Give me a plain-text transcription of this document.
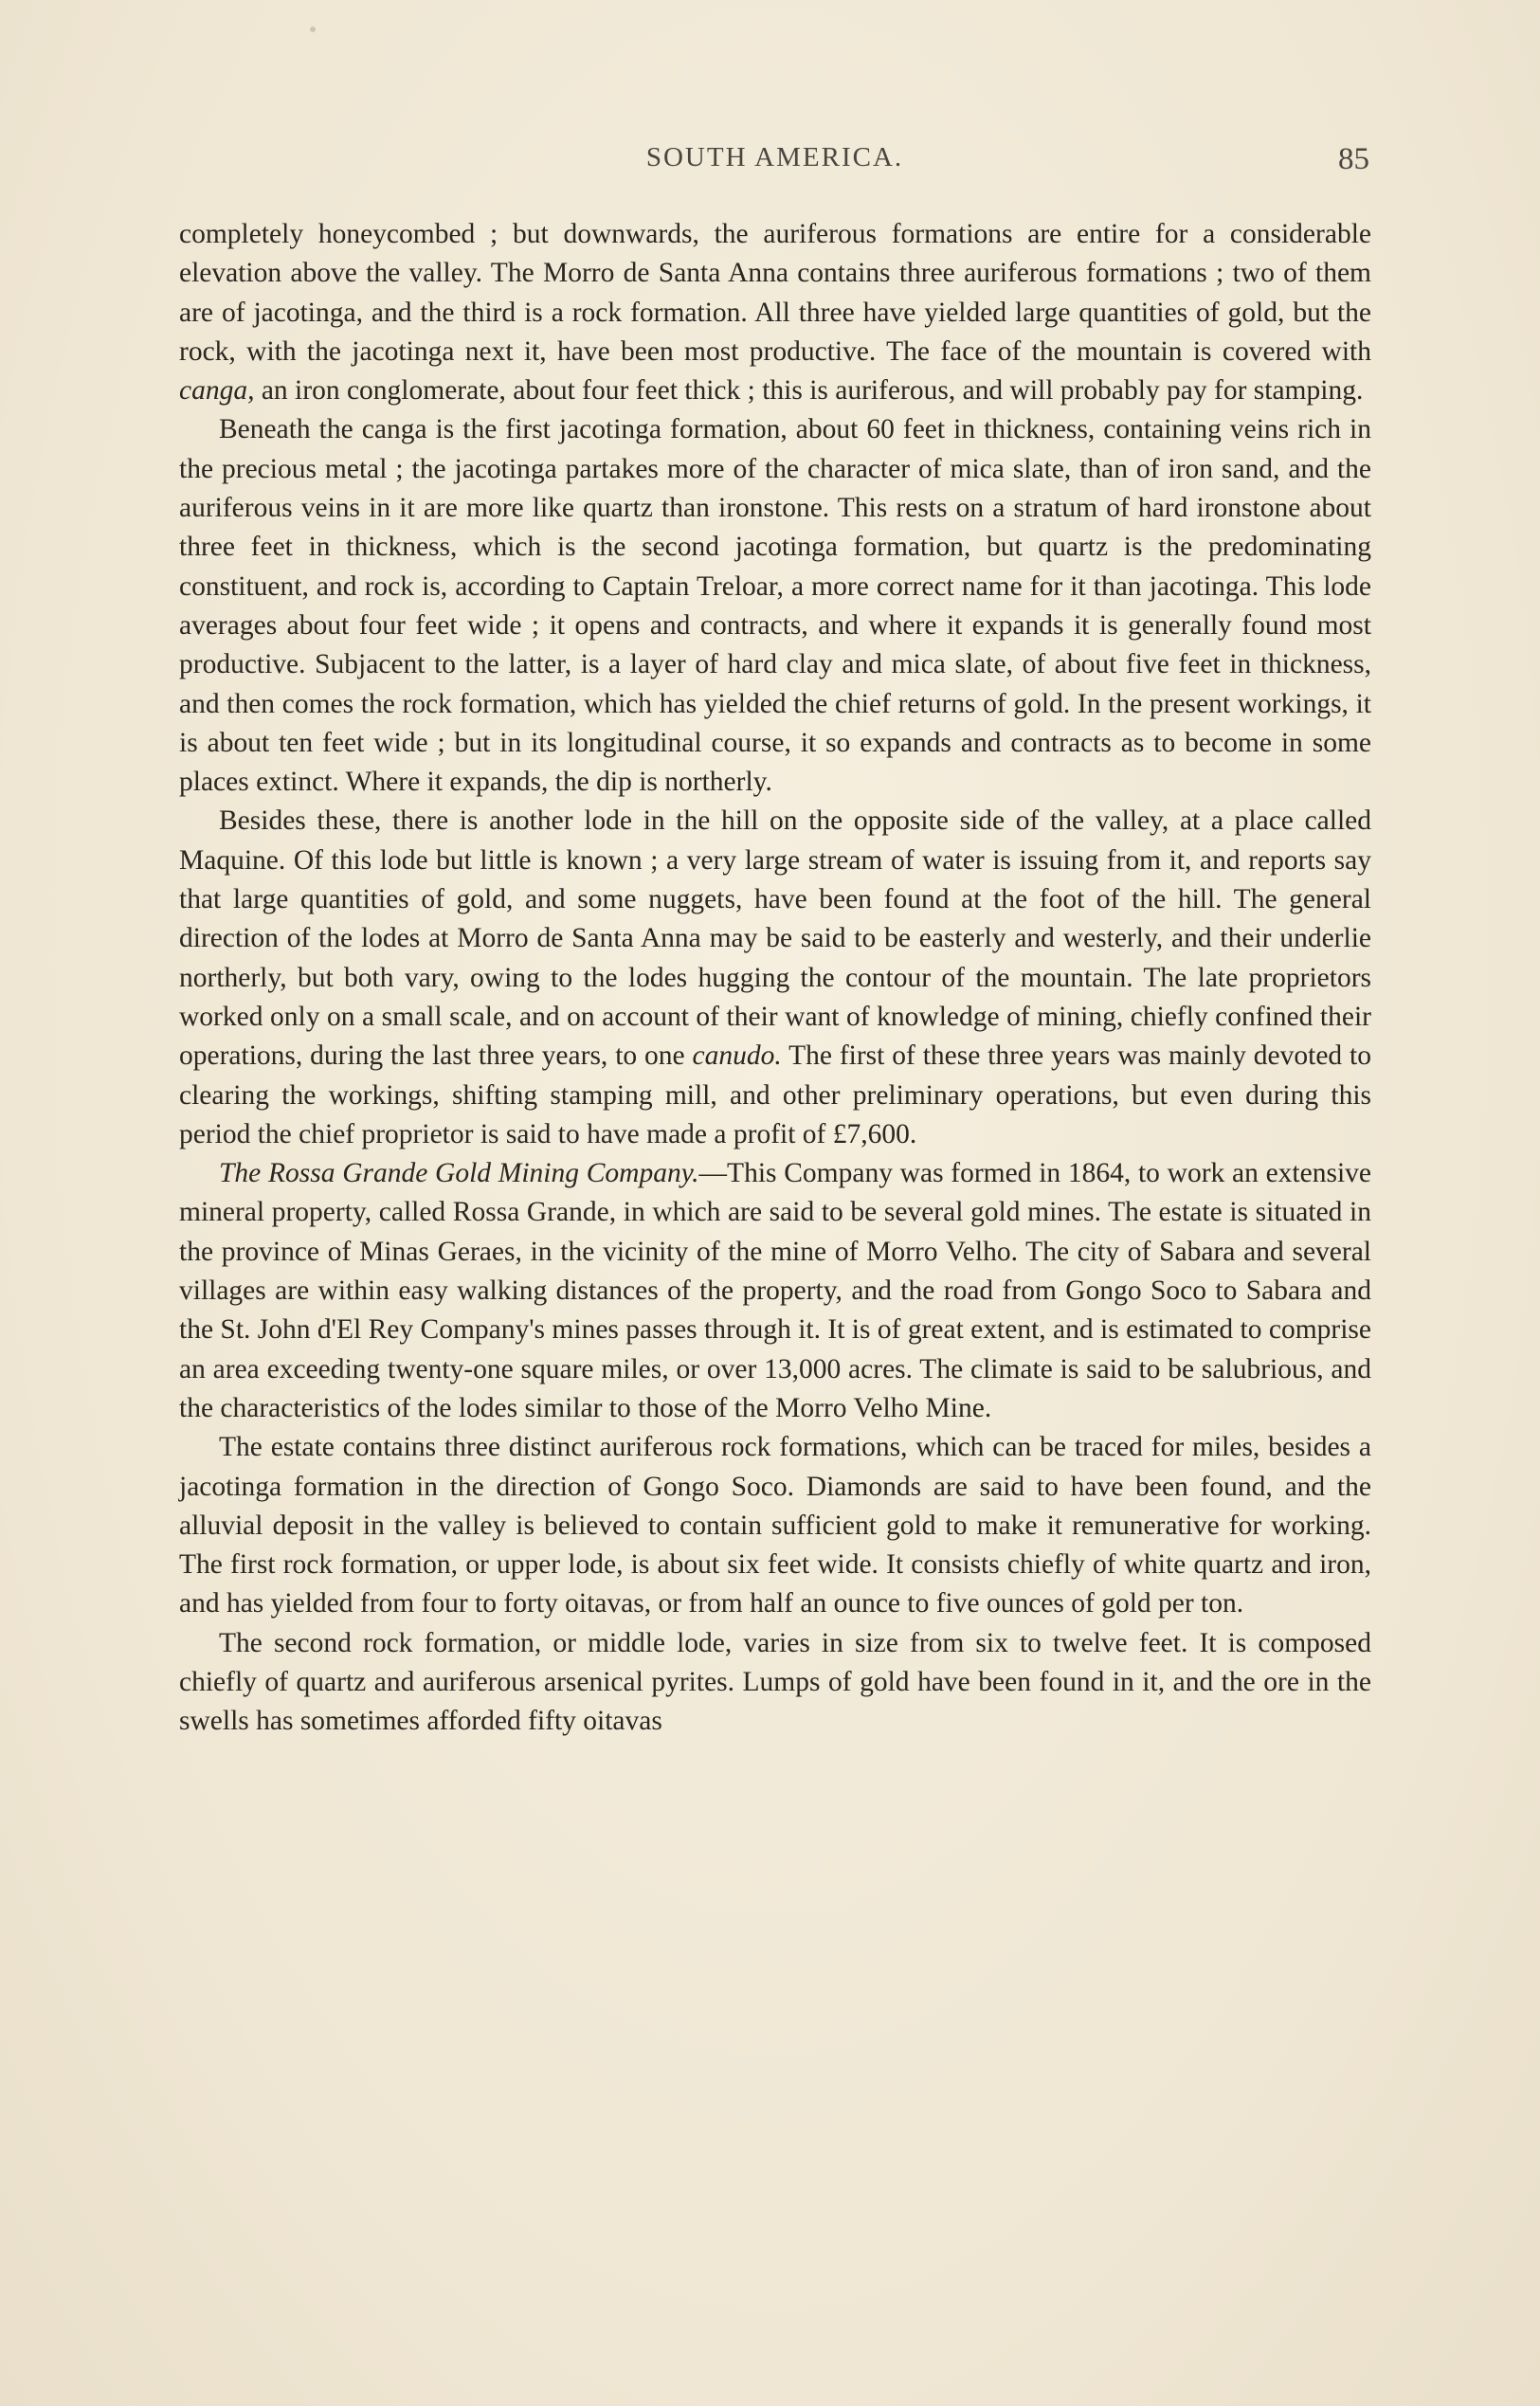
SOUTH AMERICA.	85

completely honeycombed ; but downwards, the auriferous formations are entire for a considerable elevation above the valley. The Morro de Santa Anna contains three auriferous formations ; two of them are of jacotinga, and the third is a rock formation. All three have yielded large quantities of gold, but the rock, with the jacotinga next it, have been most productive. The face of the mountain is covered with canga, an iron conglomerate, about four feet thick ; this is auriferous, and will probably pay for stamping.

Beneath the canga is the first jacotinga formation, about 60 feet in thickness, containing veins rich in the precious metal ; the jacotinga partakes more of the character of mica slate, than of iron sand, and the auriferous veins in it are more like quartz than ironstone. This rests on a stratum of hard ironstone about three feet in thickness, which is the second jacotinga formation, but quartz is the predominating constituent, and rock is, according to Captain Treloar, a more correct name for it than jacotinga. This lode averages about four feet wide ; it opens and contracts, and where it expands it is generally found most productive. Subjacent to the latter, is a layer of hard clay and mica slate, of about five feet in thickness, and then comes the rock formation, which has yielded the chief returns of gold. In the present workings, it is about ten feet wide ; but in its longitudinal course, it so expands and contracts as to become in some places extinct. Where it expands, the dip is northerly.

Besides these, there is another lode in the hill on the opposite side of the valley, at a place called Maquine. Of this lode but little is known ; a very large stream of water is issuing from it, and reports say that large quantities of gold, and some nuggets, have been found at the foot of the hill. The general direction of the lodes at Morro de Santa Anna may be said to be easterly and westerly, and their underlie northerly, but both vary, owing to the lodes hugging the contour of the mountain. The late proprietors worked only on a small scale, and on account of their want of knowledge of mining, chiefly confined their operations, during the last three years, to one canudo. The first of these three years was mainly devoted to clearing the workings, shifting stamping mill, and other preliminary operations, but even during this period the chief proprietor is said to have made a profit of £7,600.

The Rossa Grande Gold Mining Company.—This Company was formed in 1864, to work an extensive mineral property, called Rossa Grande, in which are said to be several gold mines. The estate is situated in the province of Minas Geraes, in the vicinity of the mine of Morro Velho. The city of Sabara and several villages are within easy walking distances of the property, and the road from Gongo Soco to Sabara and the St. John d'El Rey Company's mines passes through it. It is of great extent, and is estimated to comprise an area exceeding twenty-one square miles, or over 13,000 acres. The climate is said to be salubrious, and the characteristics of the lodes similar to those of the Morro Velho Mine.

The estate contains three distinct auriferous rock formations, which can be traced for miles, besides a jacotinga formation in the direction of Gongo Soco. Diamonds are said to have been found, and the alluvial deposit in the valley is believed to contain sufficient gold to make it remunerative for working. The first rock formation, or upper lode, is about six feet wide. It consists chiefly of white quartz and iron, and has yielded from four to forty oitavas, or from half an ounce to five ounces of gold per ton.

The second rock formation, or middle lode, varies in size from six to twelve feet. It is composed chiefly of quartz and auriferous arsenical pyrites. Lumps of gold have been found in it, and the ore in the swells has sometimes afforded fifty oitavas
